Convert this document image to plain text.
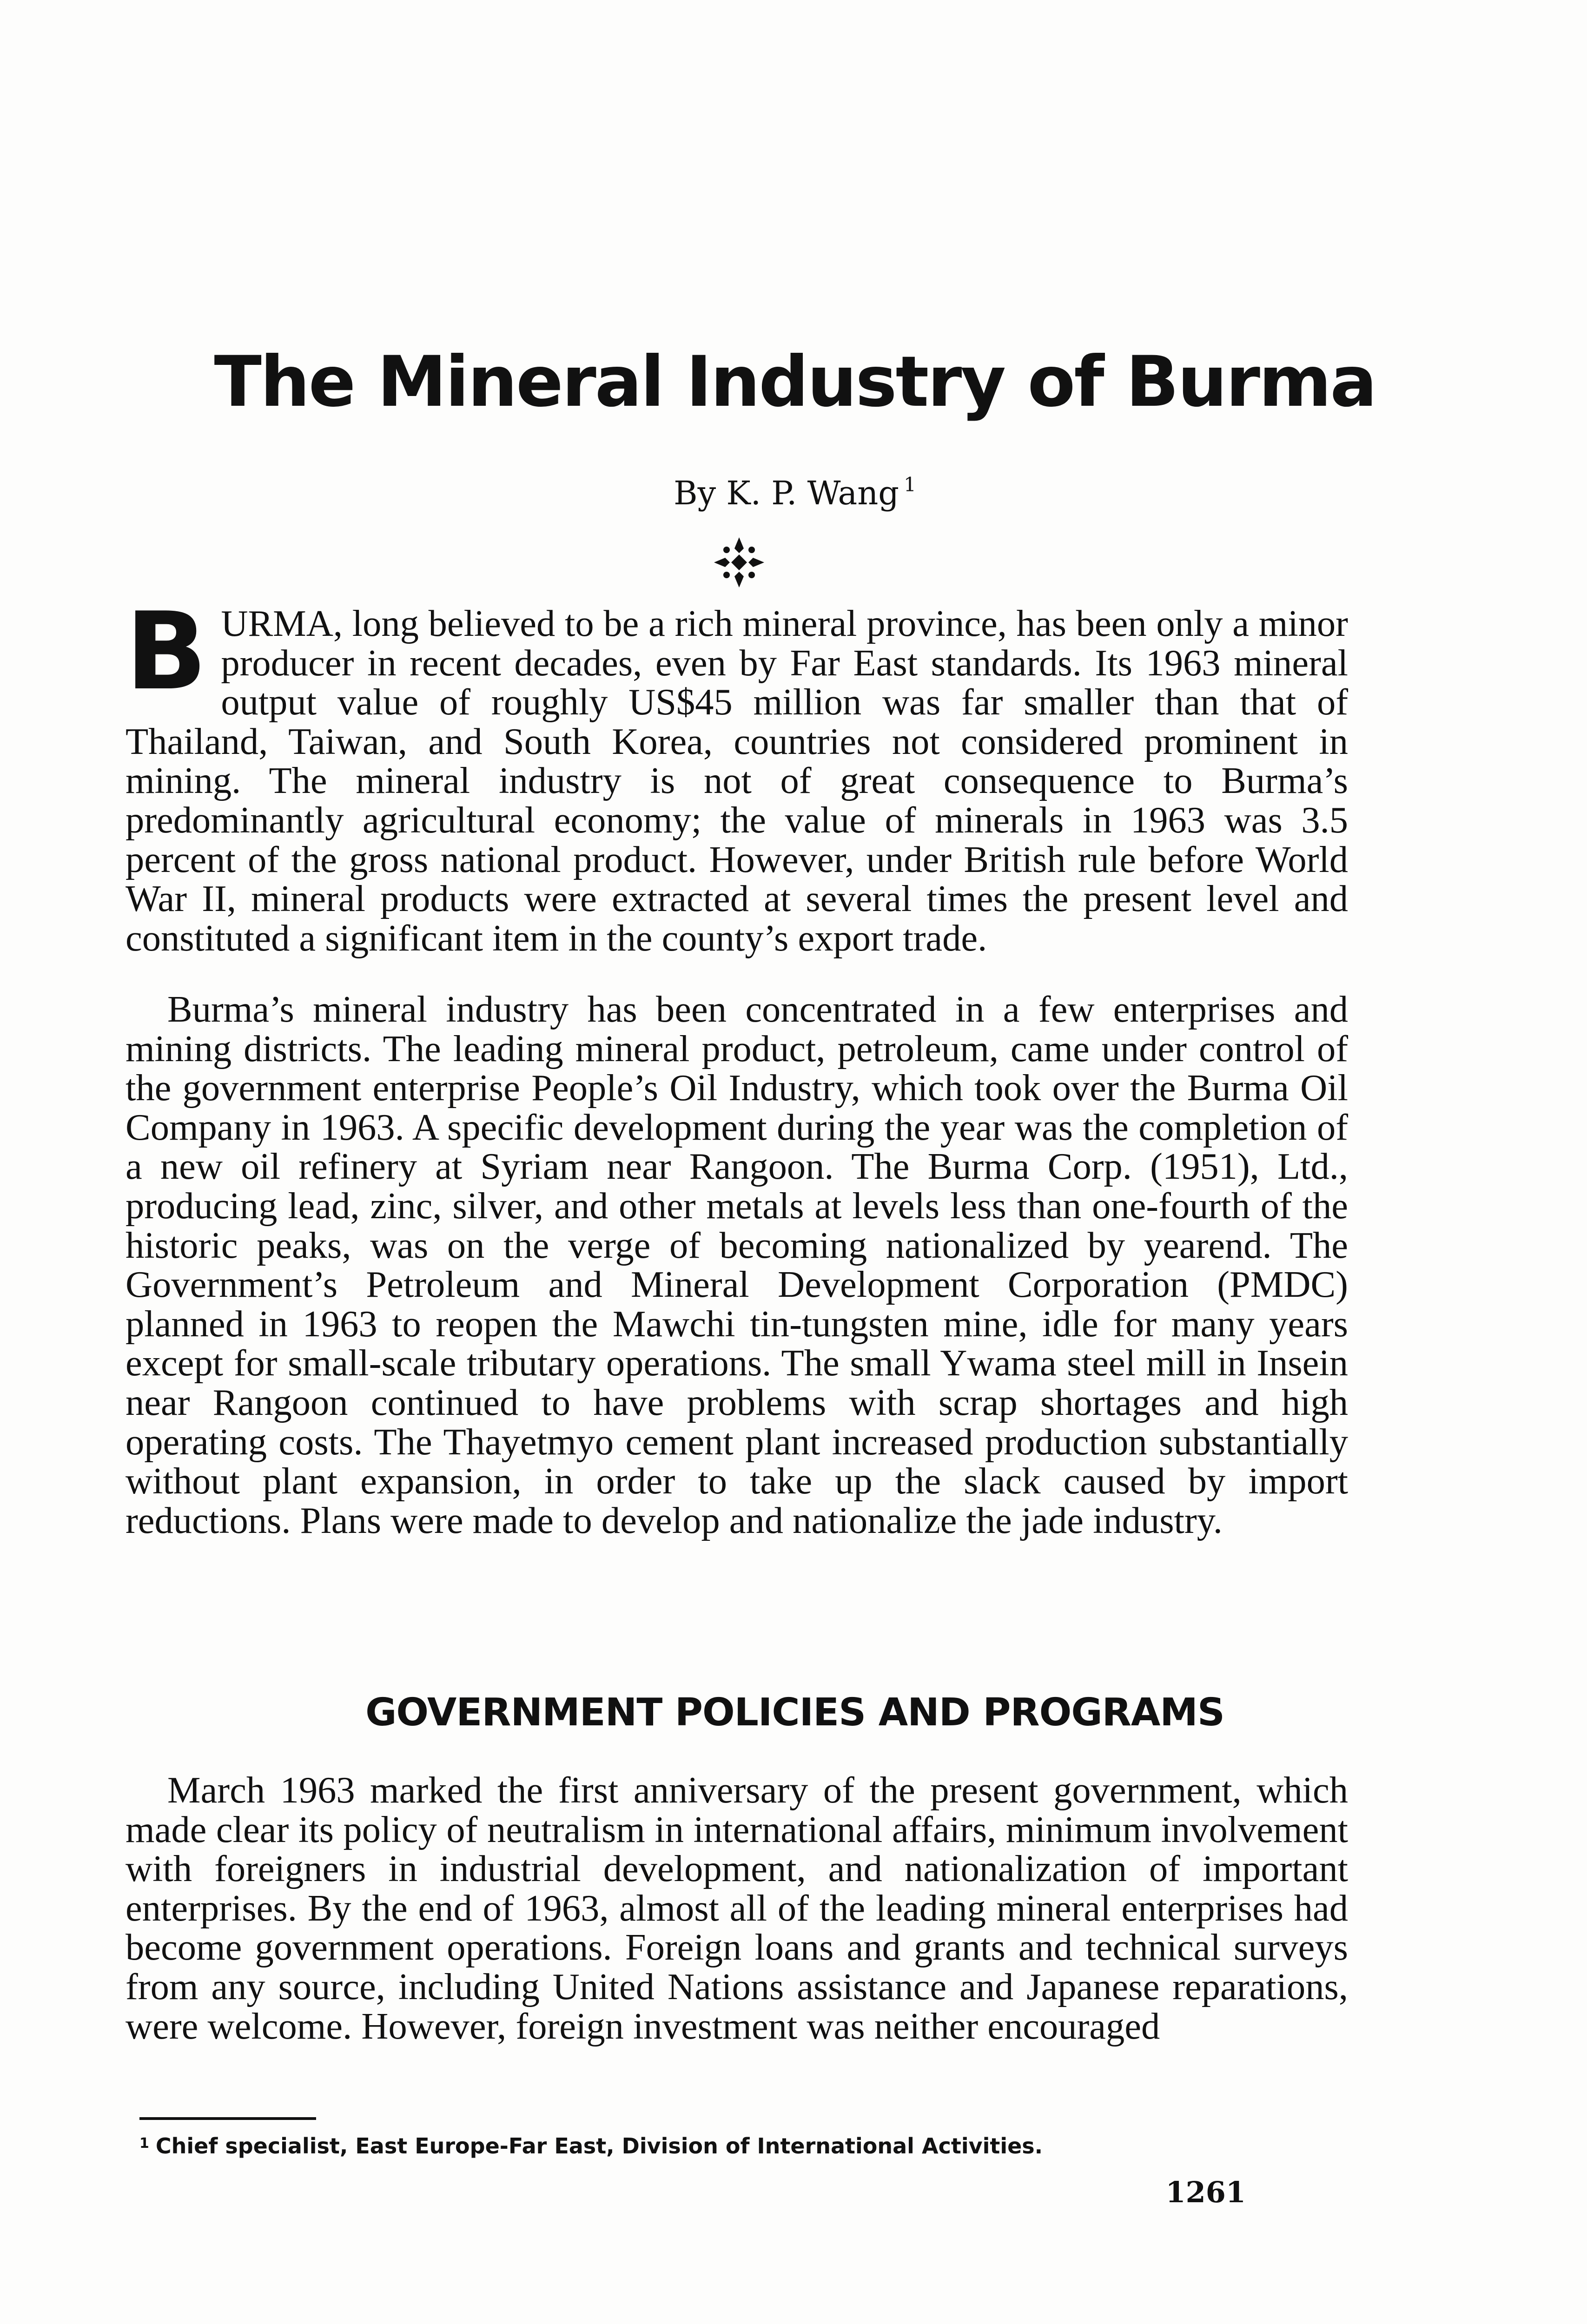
The Mineral Industry of Burma
By K. P. Wang $^1$

BURMA, long believed to be a rich mineral province, has been only a minor producer in recent decades, even by Far East standards. Its 1963 mineral output value of roughly US$45 million was far smaller than that of Thailand, Taiwan, and South Korea, countries not considered prominent in mining. The mineral industry is not of great consequence to Burma’s predominantly agricultural economy; the value of minerals in 1963 was 3.5 percent of the gross national product. However, under British rule before World War II, mineral products were extracted at several times the present level and constituted a significant item in the county’s export trade.

Burma’s mineral industry has been concentrated in a few enterprises and mining districts. The leading mineral product, petroleum, came under control of the government enterprise People’s Oil Industry, which took over the Burma Oil Company in 1963. A specific development during the year was the completion of a new oil refinery at Syriam near Rangoon. The Burma Corp. (1951), Ltd., producing lead, zinc, silver, and other metals at levels less than one-fourth of the historic peaks, was on the verge of becoming nationalized by yearend. The Government’s Petroleum and Mineral Development Corporation (PMDC) planned in 1963 to reopen the Mawchi tin-tungsten mine, idle for many years except for small-scale tributary operations. The small Ywama steel mill in Insein near Rangoon continued to have problems with scrap shortages and high operating costs. The Thayetmyo cement plant increased production substantially without plant expansion, in order to take up the slack caused by import reductions. Plans were made to develop and nationalize the jade industry.

GOVERNMENT POLICIES AND PROGRAMS

March 1963 marked the first anniversary of the present government, which made clear its policy of neutralism in international affairs, minimum involvement with foreigners in industrial development, and nationalization of important enterprises. By the end of 1963, almost all of the leading mineral enterprises had become government operations. Foreign loans and grants and technical surveys from any source, including United Nations assistance and Japanese reparations, were welcome. However, foreign investment was neither encouraged

$^1$ Chief specialist, East Europe-Far East, Division of International Activities.
1261
